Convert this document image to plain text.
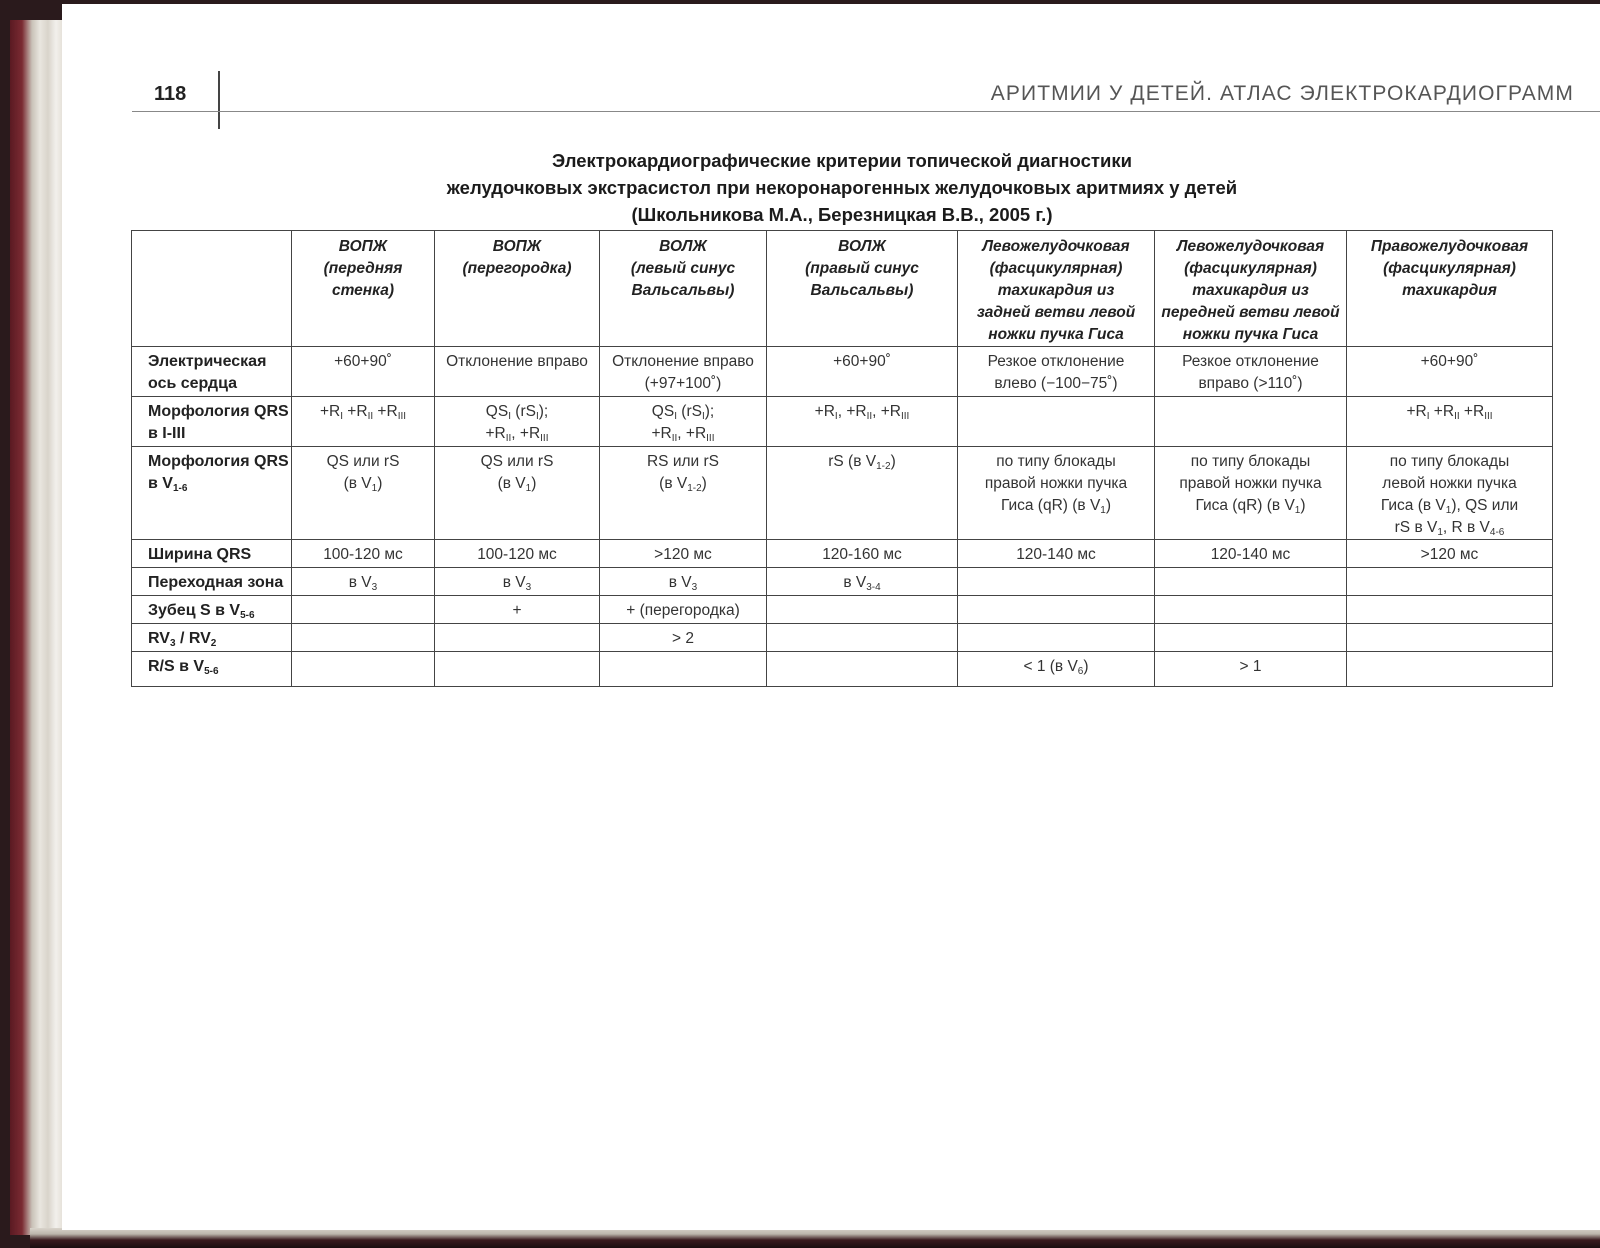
118	АРИТМИИ У ДЕТЕЙ. АТЛАС ЭЛЕКТРОКАРДИОГРАММ
Электрокардиографические критерии топической диагностики
желудочковых экстрасистол при некоронарогенных желудочковых аритмиях у детей
(Школьникова М.А., Березницкая В.В., 2005 г.)

	ВОПЖ
(передняя
стенка)	ВОПЖ
(перегородка)	ВОЛЖ
(левый синус
Вальсальвы)	ВОЛЖ
(правый синус
Вальсальвы)	Левожелудочковая
(фасцикулярная)
тахикардия из
задней ветви левой
ножки пучка Гиса	Левожелудочковая
(фасцикулярная)
тахикардия из
передней ветви левой
ножки пучка Гиса	Правожелудочковая
(фасцикулярная)
тахикардия

Электрическая
ось сердца	+60+90˚	Отклонение вправо	Отклонение вправо
(+97+100˚)	+60+90˚	Резкое отклонение
влево (−100−75˚)	Резкое отклонение
вправо (>110˚)	+60+90˚

Морфология QRS
в I-III	$+R_I +R_{II} +R_{III}$	$QS_I$ $(rS_I)$;
$+R_{II}$, $+R_{III}$	$QS_I$ $(rS_I)$;
$+R_{II}$, $+R_{III}$	$+R_I$, $+R_{II}$, $+R_{III}$			$+R_I +R_{II} +R_{III}$

Морфология QRS
в $V_{1-6}$	QS или rS
(в $V_1$)	QS или rS
(в $V_1$)	RS или rS
(в $V_{1-2}$)	rS (в $V_{1-2}$)	по типу блокады
правой ножки пучка
Гиса (qR) (в $V_1$)	по типу блокады
правой ножки пучка
Гиса (qR) (в $V_1$)	по типу блокады
левой ножки пучка
Гиса (в $V_1$), QS или
rS в $V_1$, R в $V_{4-6}$

Ширина QRS	100-120 мс	100-120 мс	>120 мс	120-160 мс	120-140 мс	120-140 мс	>120 мс

Переходная зона	в $V_3$	в $V_3$	в $V_3$	в $V_{3-4}$

Зубец S в $V_{5-6}$		+	+ (перегородка)				

$RV_3 / RV_2$			> 2				

R/S в $V_{5-6}$					< 1 (в $V_6$)	> 1	
